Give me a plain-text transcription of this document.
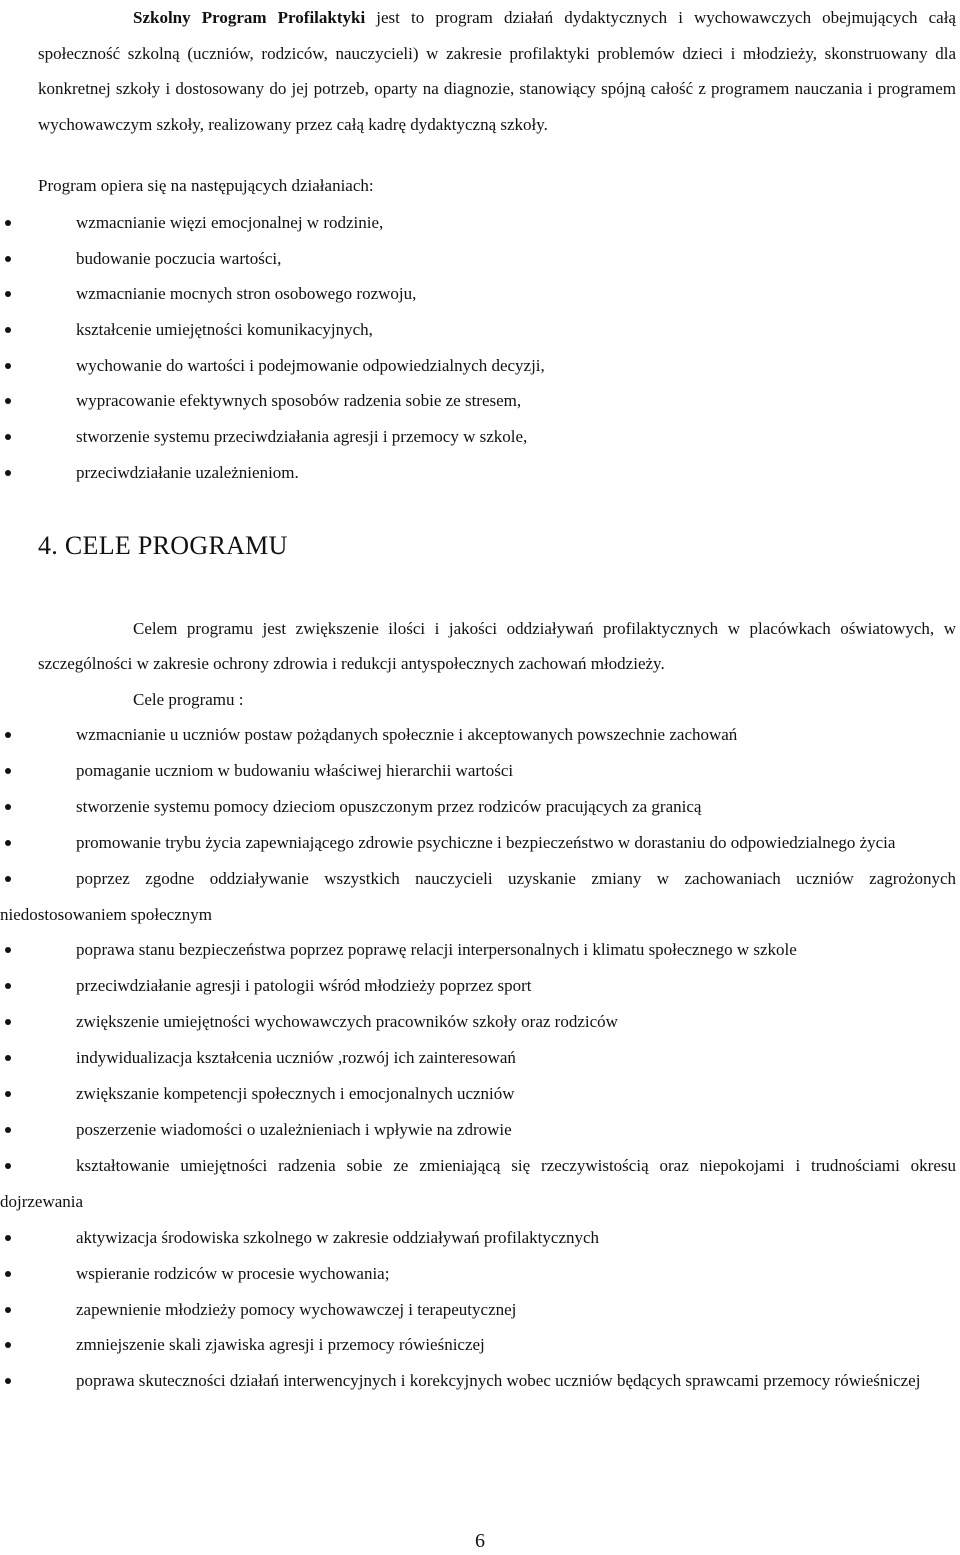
Szkolny Program Profilaktyki jest to program działań dydaktycznych i wychowawczych obejmujących całą społeczność szkolną (uczniów, rodziców, nauczycieli) w zakresie profilaktyki problemów dzieci i młodzieży, skonstruowany dla konkretnej szkoły i dostosowany do jej potrzeb, oparty na diagnozie, stanowiący spójną całość z programem nauczania i programem wychowawczym szkoły, realizowany przez całą kadrę dydaktyczną szkoły.

Program opiera się na następujących działaniach:

wzmacnianie więzi emocjonalnej w rodzinie,
budowanie poczucia wartości,
wzmacnianie mocnych stron osobowego rozwoju,
kształcenie umiejętności komunikacyjnych,
wychowanie do wartości i podejmowanie odpowiedzialnych decyzji,
wypracowanie efektywnych sposobów radzenia sobie ze stresem,
stworzenie systemu przeciwdziałania agresji i przemocy w szkole,
przeciwdziałanie uzależnieniom.
4. CELE PROGRAMU

Celem programu jest zwiększenie ilości i jakości oddziaływań profilaktycznych w placówkach oświatowych, w szczególności w zakresie ochrony zdrowia i redukcji antyspołecznych zachowań młodzieży.

Cele programu :

wzmacnianie u uczniów postaw pożądanych społecznie i akceptowanych powszechnie zachowań
pomaganie uczniom w budowaniu właściwej hierarchii wartości
stworzenie systemu pomocy dzieciom opuszczonym przez rodziców pracujących za granicą
promowanie trybu życia zapewniającego zdrowie psychiczne i bezpieczeństwo w dorastaniu do odpowiedzialnego życia
poprzez zgodne oddziaływanie wszystkich nauczycieli uzyskanie zmiany w zachowaniach uczniów zagrożonych niedostosowaniem społecznym
poprawa stanu bezpieczeństwa poprzez poprawę relacji interpersonalnych i klimatu społecznego w szkole
przeciwdziałanie agresji i patologii wśród młodzieży poprzez sport
zwiększenie umiejętności wychowawczych pracowników szkoły oraz rodziców
indywidualizacja kształcenia uczniów ,rozwój ich zainteresowań
zwiększanie kompetencji społecznych i emocjonalnych uczniów
poszerzenie wiadomości o uzależnieniach i wpływie na zdrowie
kształtowanie umiejętności radzenia sobie ze zmieniającą się rzeczywistością oraz niepokojami i trudnościami okresu dojrzewania
aktywizacja środowiska szkolnego w zakresie oddziaływań profilaktycznych
wspieranie rodziców w procesie wychowania;
zapewnienie młodzieży pomocy wychowawczej i terapeutycznej
zmniejszenie skali zjawiska agresji i przemocy rówieśniczej
poprawa skuteczności działań interwencyjnych i korekcyjnych wobec uczniów będących sprawcami przemocy rówieśniczej
6
